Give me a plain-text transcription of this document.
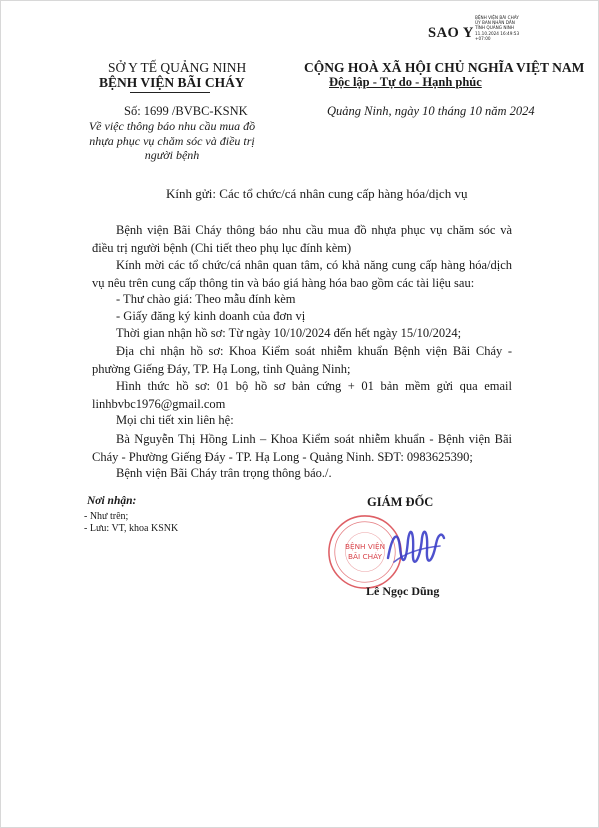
SỞ Y TẾ QUẢNG NINH
BỆNH VIỆN BÃI CHÁY
Số: 1699 /BVBC-KSNK
Về việc thông báo nhu cầu mua đồ nhựa phục vụ chăm sóc và điều trị người bệnh
SAO Y
BỆNH VIỆN BÃI CHÁY
ỦY BAN NHÂN DÂN
TỈNH QUẢNG NINH
11.10.2024 16:49:53
+07:00
CỘNG HOÀ XÃ HỘI CHỦ NGHĨA VIỆT NAM
Độc lập - Tự do - Hạnh phúc
Quảng Ninh, ngày 10 tháng 10 năm 2024
Kính gửi: Các tổ chức/cá nhân cung cấp hàng hóa/dịch vụ
Bệnh viện Bãi Cháy thông báo nhu cầu mua đồ nhựa phục vụ chăm sóc và điều trị người bệnh (Chi tiết theo phụ lục đính kèm)
Kính mời các tổ chức/cá nhân quan tâm, có khả năng cung cấp hàng hóa/dịch vụ nêu trên cung cấp thông tin và báo giá hàng hóa bao gồm các tài liệu sau:
- Thư chào giá: Theo mẫu đính kèm
- Giấy đăng ký kinh doanh của đơn vị
Thời gian nhận hồ sơ: Từ ngày 10/10/2024 đến hết ngày 15/10/2024;
Địa chỉ nhận hồ sơ: Khoa Kiểm soát nhiễm khuẩn Bệnh viện Bãi Cháy - phường Giếng Đáy, TP. Hạ Long, tỉnh Quảng Ninh;
Hình thức hồ sơ: 01 bộ hồ sơ bản cứng + 01 bản mềm gửi qua email linhbvbc1976@gmail.com
Mọi chi tiết xin liên hệ:
Bà Nguyễn Thị Hồng Linh – Khoa Kiểm soát nhiễm khuẩn - Bệnh viện Bãi Cháy - Phường Giếng Đáy - TP. Hạ Long - Quảng Ninh. SĐT: 0983625390;
Bệnh viện Bãi Cháy trân trọng thông báo./.
Nơi nhận:
- Như trên;
- Lưu: VT, khoa KSNK
GIÁM ĐỐC
BỆNH VIỆN
BÃI CHÁY
Lê Ngọc Dũng
